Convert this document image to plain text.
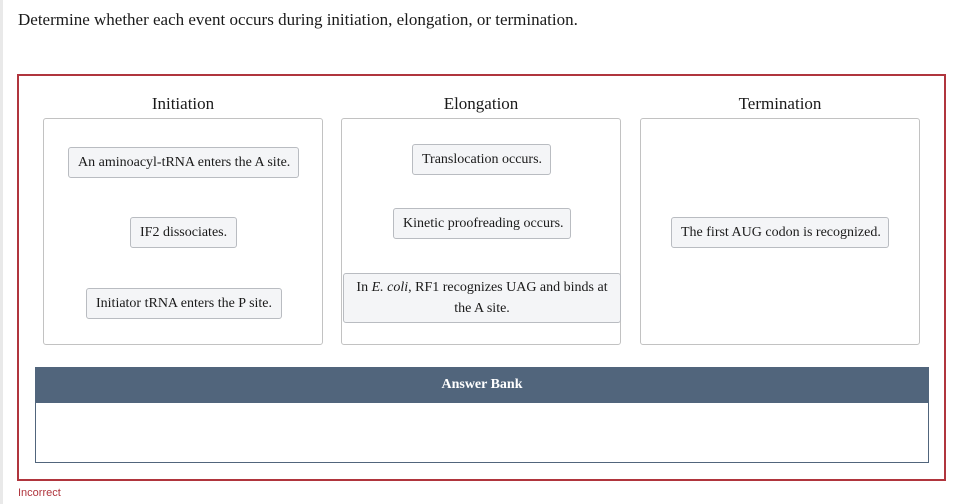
Determine whether each event occurs during initiation, elongation, or termination.
Initiation
An aminoacyl-tRNA enters the A site.
IF2 dissociates.
Initiator tRNA enters the P site.
Elongation
Translocation occurs.
Kinetic proofreading occurs.
In E. coli, RF1 recognizes UAG and binds at the A site.
Termination
The first AUG codon is recognized.
Answer Bank
Incorrect
